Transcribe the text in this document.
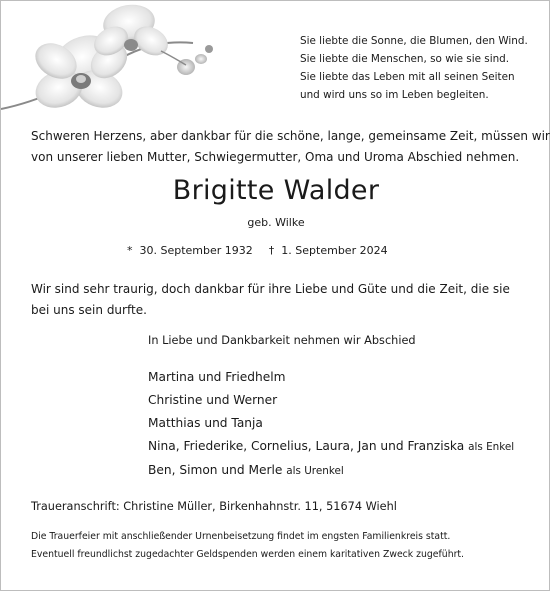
Sie liebte die Sonne, die Blumen, den Wind.
Sie liebte die Menschen, so wie sie sind.
Sie liebte das Leben mit all seinen Seiten
und wird uns so im Leben begleiten.
Schweren Herzens, aber dankbar für die schöne, lange, gemeinsame Zeit, müssen wir
von unserer lieben Mutter, Schwiegermutter, Oma und Uroma Abschied nehmen.
Brigitte Walder
geb. Wilke
* 30. September 1932 † 1. September 2024
Wir sind sehr traurig, doch dankbar für ihre Liebe und Güte und die Zeit, die sie bei uns sein durfte.
In Liebe und Dankbarkeit nehmen wir Abschied
Martina und Friedhelm
Christine und Werner
Matthias und Tanja
Nina, Friederike, Cornelius, Laura, Jan und Franziska als Enkel
Ben, Simon und Merle als Urenkel
Traueranschrift: Christine Müller, Birkenhahnstr. 11, 51674 Wiehl
Die Trauerfeier mit anschließender Urnenbeisetzung findet im engsten Familienkreis statt.
Eventuell freundlichst zugedachter Geldspenden werden einem karitativen Zweck zugeführt.
